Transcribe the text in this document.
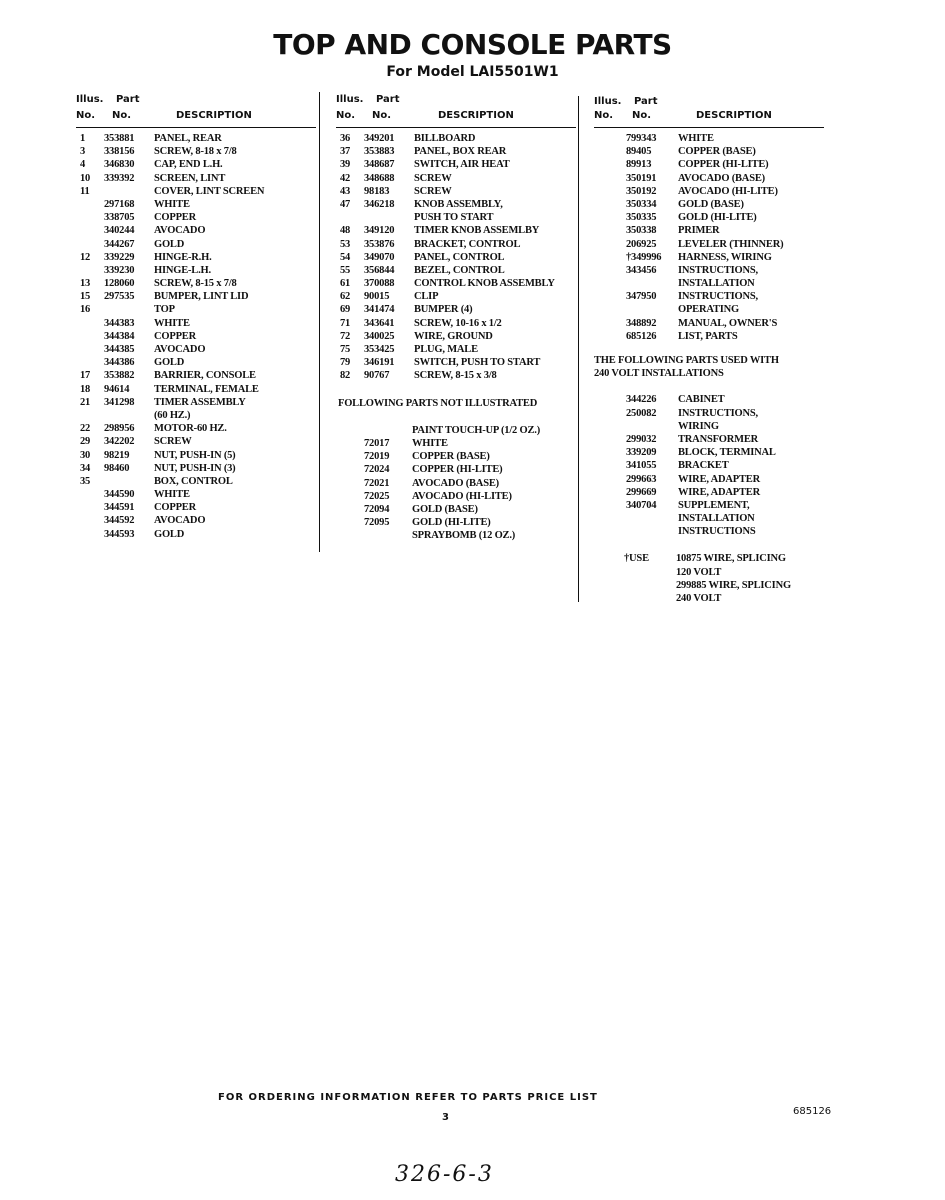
TOP AND CONSOLE PARTS
For Model LAI5501W1
Illus. Part
No. No.	DESCRIPTION
1 353881 PANEL, REAR
3 338156 SCREW, 8-18 x 7/8
4 346830 CAP, END L.H.
10 339392 SCREEN, LINT
11	COVER, LINT SCREEN
297168 WHITE
338705 COPPER
340244 AVOCADO
344267 GOLD
12 339229 HINGE-R.H.
339230 HINGE-L.H.
13 128060 SCREW, 8-15 x 7/8
15 297535 BUMPER, LINT LID
16	TOP
344383 WHITE
344384 COPPER
344385 AVOCADO
344386 GOLD
17 353882 BARRIER, CONSOLE
18 94614 TERMINAL, FEMALE
21 341298 TIMER ASSEMBLY
(60 HZ.)
22 298956 MOTOR-60 HZ.
29 342202 SCREW
30 98219 NUT, PUSH-IN (5)
34 98460 NUT, PUSH-IN (3)
35	BOX, CONTROL
344590 WHITE
344591 COPPER
344592 AVOCADO
344593 GOLD
Illus. Part
No. No.	DESCRIPTION
36 349201 BILLBOARD
37 353883 PANEL, BOX REAR
39 348687 SWITCH, AIR HEAT
42 348688 SCREW
43 98183 SCREW
47 346218 KNOB ASSEMBLY,
PUSH TO START
48 349120 TIMER KNOB ASSEMLBY
53 353876 BRACKET, CONTROL
54 349070 PANEL, CONTROL
55 356844 BEZEL, CONTROL
61 370088 CONTROL KNOB ASSEMBLY
62 90015 CLIP
69 341474 BUMPER (4)
71 343641 SCREW, 10-16 x 1/2
72 340025 WIRE, GROUND
75 353425 PLUG, MALE
79 346191 SWITCH, PUSH TO START
82 90767 SCREW, 8-15 x 3/8
FOLLOWING PARTS NOT ILLUSTRATED
PAINT TOUCH-UP (1/2 OZ.)
72017 WHITE
72019 COPPER (BASE)
72024 COPPER (HI-LITE)
72021 AVOCADO (BASE)
72025 AVOCADO (HI-LITE)
72094 GOLD (BASE)
72095 GOLD (HI-LITE)
SPRAYBOMB (12 OZ.)
Illus. Part
No. No.	DESCRIPTION
799343 WHITE
89405	COPPER (BASE)
89913	COPPER (HI-LITE)
350191 AVOCADO (BASE)
350192 AVOCADO (HI-LITE)
350334 GOLD (BASE)
350335 GOLD (HI-LITE)
350338 PRIMER
206925 LEVELER (THINNER)
†349996 HARNESS, WIRING
343456 INSTRUCTIONS,
INSTALLATION
347950 INSTRUCTIONS,
OPERATING
348892 MANUAL, OWNER'S
685126 LIST, PARTS
THE FOLLOWING PARTS USED WITH
240 VOLT INSTALLATIONS
344226 CABINET
250082 INSTRUCTIONS,
WIRING
299032 TRANSFORMER
339209 BLOCK, TERMINAL
341055 BRACKET
299663 WIRE, ADAPTER
299669 WIRE, ADAPTER
340704 SUPPLEMENT,
INSTALLATION
INSTRUCTIONS
†USE	10875 WIRE, SPLICING
120 VOLT
299885 WIRE, SPLICING
240 VOLT
FOR ORDERING INFORMATION REFER TO PARTS PRICE LIST
3
685126
326-6-3
